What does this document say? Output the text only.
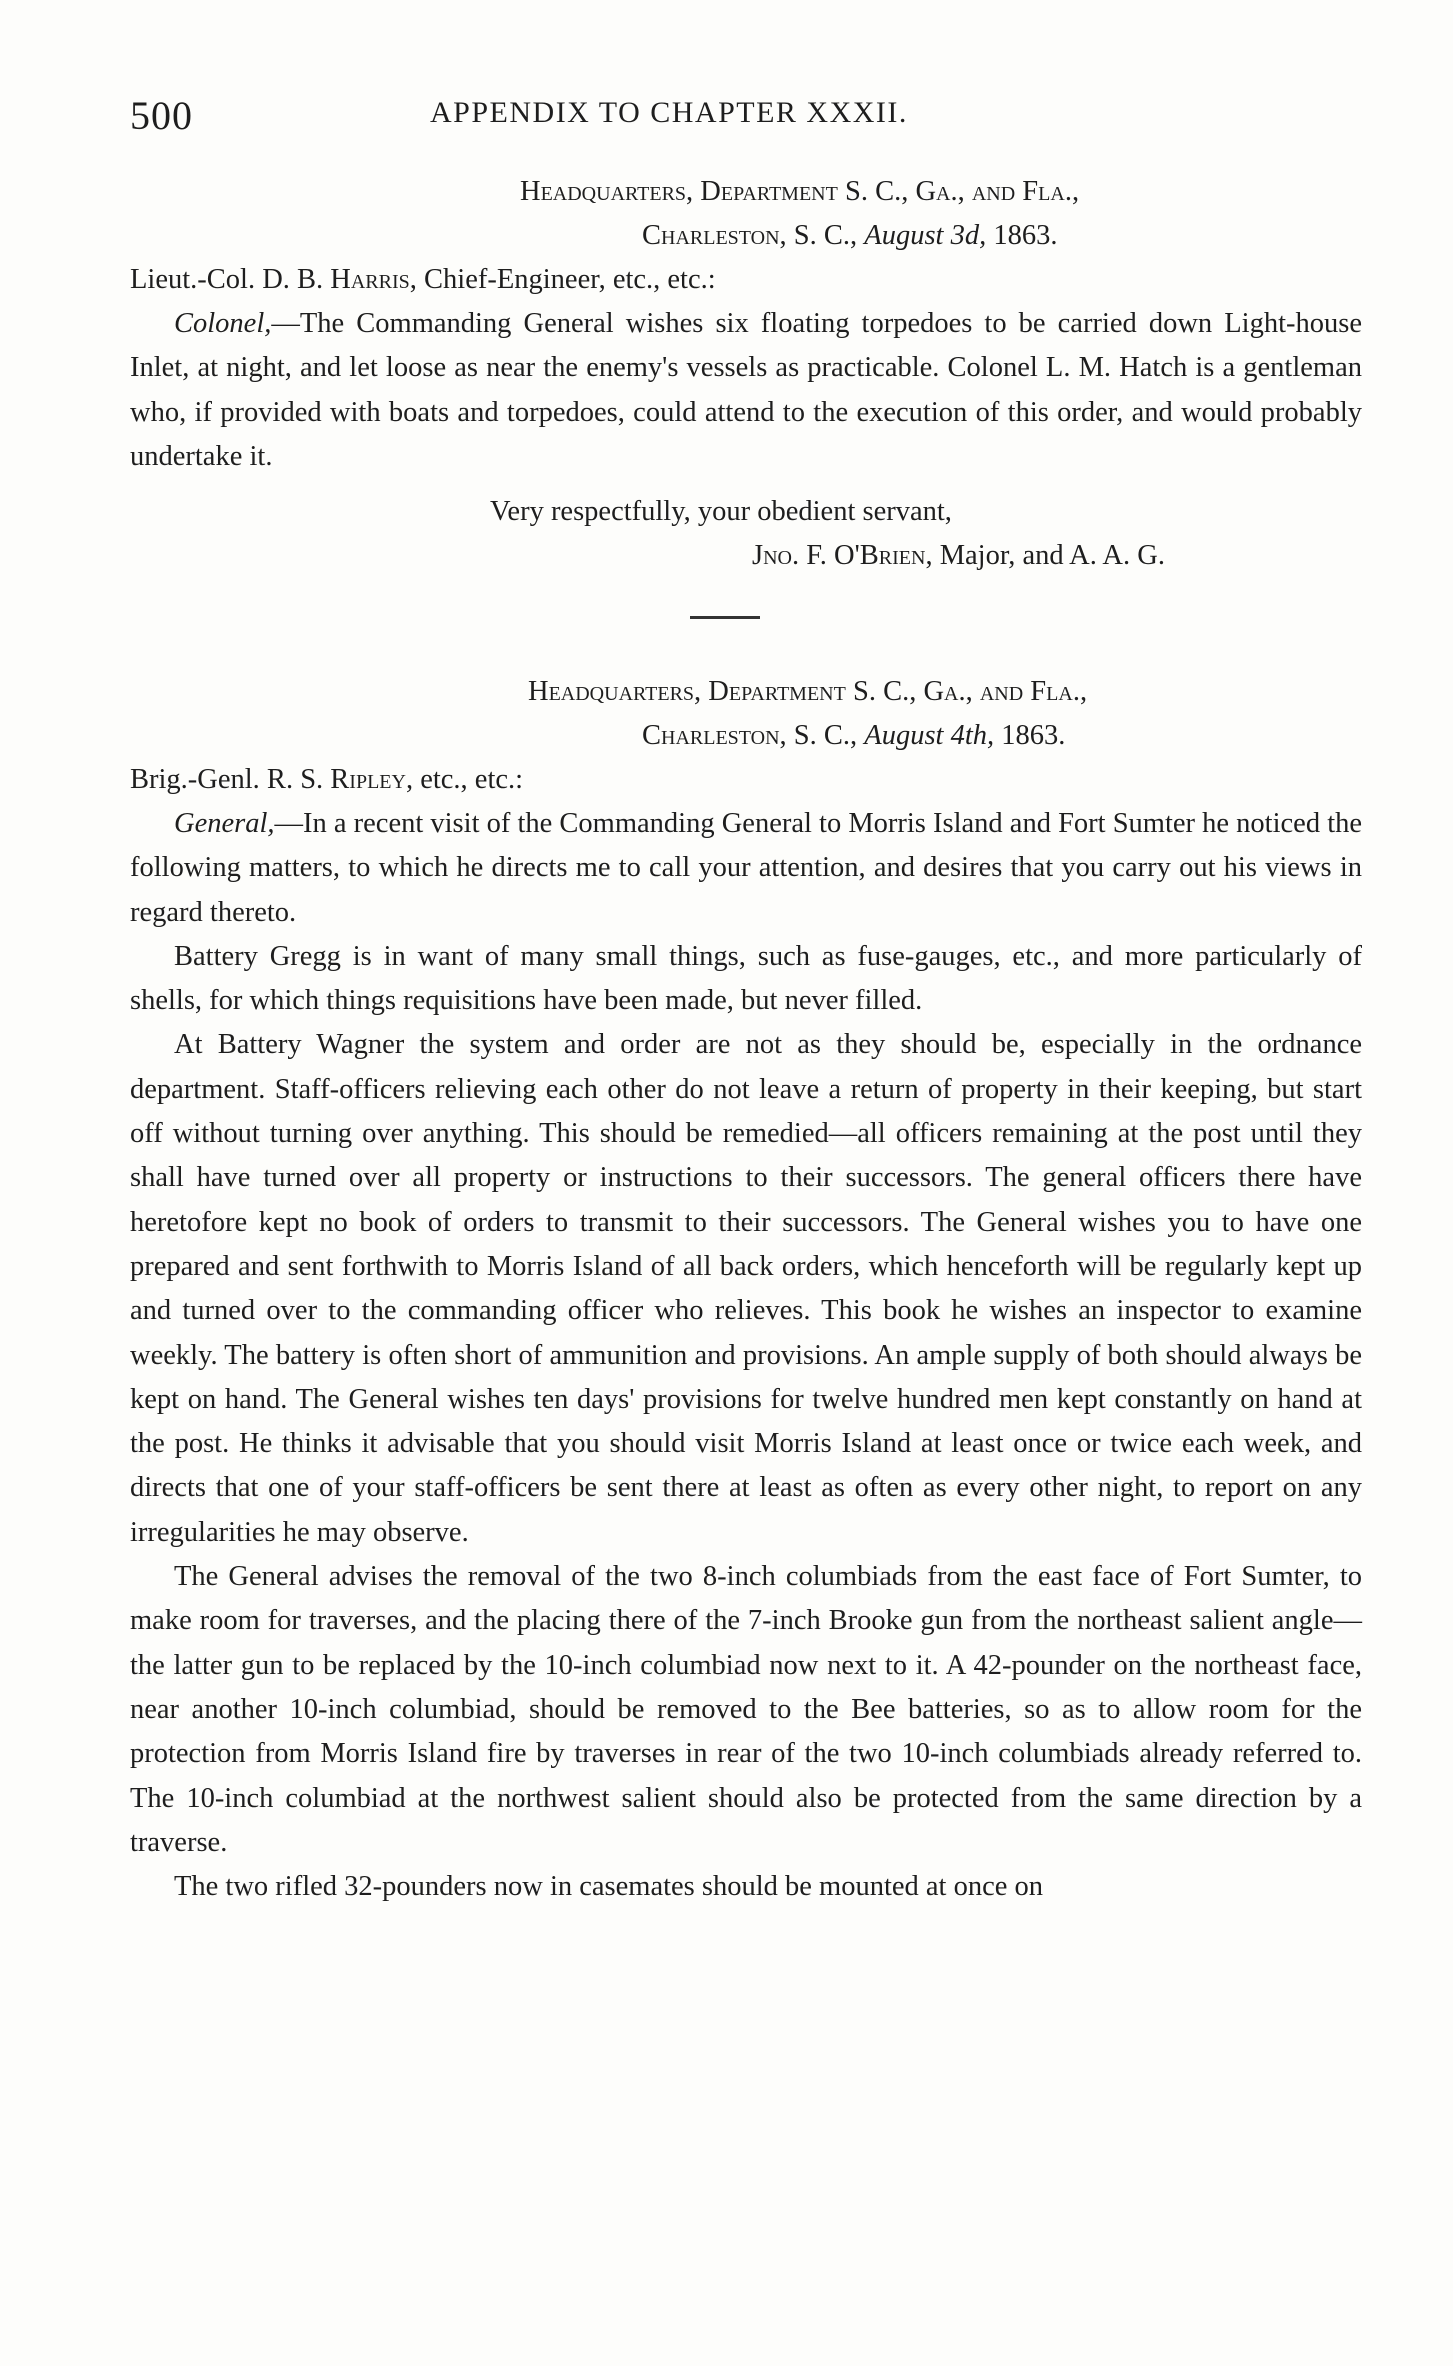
500	APPENDIX TO CHAPTER XXXII.
Headquarters, Department S. C., Ga., and Fla.,
Charleston, S. C., August 3d, 1863.
Lieut.-Col. D. B. Harris, Chief-Engineer, etc., etc.:

Colonel,—The Commanding General wishes six floating torpedoes to be carried down Light-house Inlet, at night, and let loose as near the enemy's vessels as practicable. Colonel L. M. Hatch is a gentleman who, if provided with boats and torpedoes, could attend to the execution of this order, and would probably undertake it.

Very respectfully, your obedient servant,
Jno. F. O'Brien, Major, and A. A. G.
Headquarters, Department S. C., Ga., and Fla.,
Charleston, S. C., August 4th, 1863.
Brig.-Genl. R. S. Ripley, etc., etc.:

General,—In a recent visit of the Commanding General to Morris Island and Fort Sumter he noticed the following matters, to which he directs me to call your attention, and desires that you carry out his views in regard thereto.

Battery Gregg is in want of many small things, such as fuse-gauges, etc., and more particularly of shells, for which things requisitions have been made, but never filled.

At Battery Wagner the system and order are not as they should be, especially in the ordnance department. Staff-officers relieving each other do not leave a return of property in their keeping, but start off without turning over anything. This should be remedied—all officers remaining at the post until they shall have turned over all property or instructions to their successors. The general officers there have heretofore kept no book of orders to transmit to their successors. The General wishes you to have one prepared and sent forthwith to Morris Island of all back orders, which henceforth will be regularly kept up and turned over to the commanding officer who relieves. This book he wishes an inspector to examine weekly. The battery is often short of ammunition and provisions. An ample supply of both should always be kept on hand. The General wishes ten days' provisions for twelve hundred men kept constantly on hand at the post. He thinks it advisable that you should visit Morris Island at least once or twice each week, and directs that one of your staff-officers be sent there at least as often as every other night, to report on any irregularities he may observe.

The General advises the removal of the two 8-inch columbiads from the east face of Fort Sumter, to make room for traverses, and the placing there of the 7-inch Brooke gun from the northeast salient angle—the latter gun to be replaced by the 10-inch columbiad now next to it. A 42-pounder on the northeast face, near another 10-inch columbiad, should be removed to the Bee batteries, so as to allow room for the protection from Morris Island fire by traverses in rear of the two 10-inch columbiads already referred to. The 10-inch columbiad at the northwest salient should also be protected from the same direction by a traverse.

The two rifled 32-pounders now in casemates should be mounted at once on
